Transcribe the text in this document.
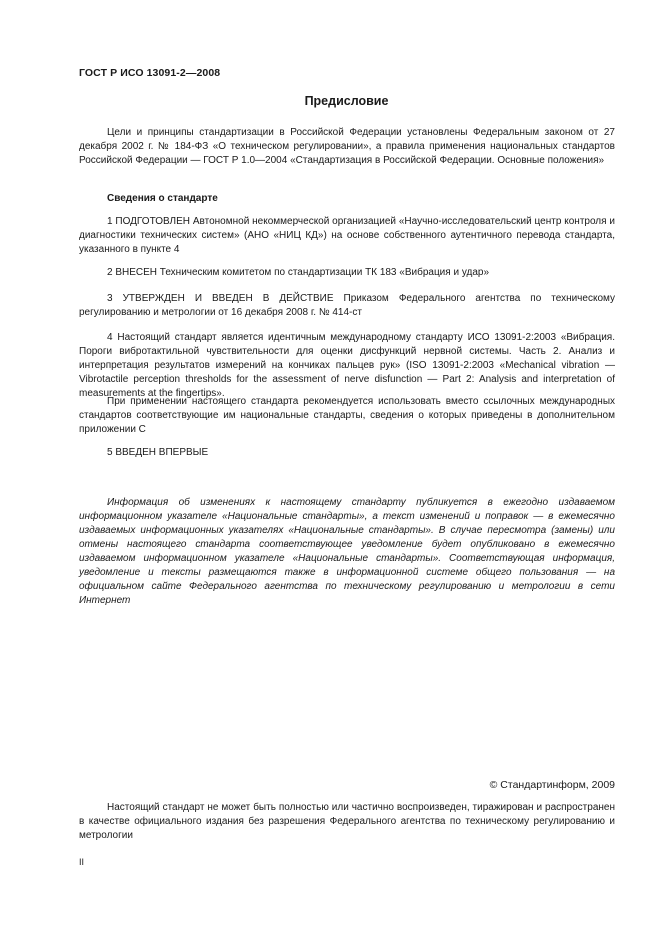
ГОСТ Р ИСО 13091-2—2008
Предисловие

Цели и принципы стандартизации в Российской Федерации установлены Федеральным законом от 27 декабря 2002 г. № 184-ФЗ «О техническом регулировании», а правила применения национальных стандартов Российской Федерации — ГОСТ Р 1.0—2004 «Стандартизация в Российской Федерации. Основные положения»

Сведения о стандарте

1 ПОДГОТОВЛЕН Автономной некоммерческой организацией «Научно-исследовательский центр контроля и диагностики технических систем» (АНО «НИЦ КД») на основе собственного аутентичного перевода стандарта, указанного в пункте 4

2 ВНЕСЕН Техническим комитетом по стандартизации ТК 183 «Вибрация и удар»

3 УТВЕРЖДЕН И ВВЕДЕН В ДЕЙСТВИЕ Приказом Федерального агентства по техническому регулированию и метрологии от 16 декабря 2008 г. № 414-ст

4 Настоящий стандарт является идентичным международному стандарту ИСО 13091-2:2003 «Вибрация. Пороги вибротактильной чувствительности для оценки дисфункций нервной системы. Часть 2. Анализ и интерпретация результатов измерений на кончиках пальцев рук» (ISO 13091-2:2003 «Mechanical vibration — Vibrotactile perception thresholds for the assessment of nerve disfunction — Part 2: Analysis and interpretation of measurements at the fingertips».

При применении настоящего стандарта рекомендуется использовать вместо ссылочных международных стандартов соответствующие им национальные стандарты, сведения о которых приведены в дополнительном приложении С

5 ВВЕДЕН ВПЕРВЫЕ

Информация об изменениях к настоящему стандарту публикуется в ежегодно издаваемом информационном указателе «Национальные стандарты», а текст изменений и поправок — в ежемесячно издаваемых информационных указателях «Национальные стандарты». В случае пересмотра (замены) или отмены настоящего стандарта соответствующее уведомление будет опубликовано в ежемесячно издаваемом информационном указателе «Национальные стандарты». Соответствующая информация, уведомление и тексты размещаются также в информационной системе общего пользования — на официальном сайте Федерального агентства по техническому регулированию и метрологии в сети Интернет

© Стандартинформ, 2009

Настоящий стандарт не может быть полностью или частично воспроизведен, тиражирован и распространен в качестве официального издания без разрешения Федерального агентства по техническому регулированию и метрологии

II
